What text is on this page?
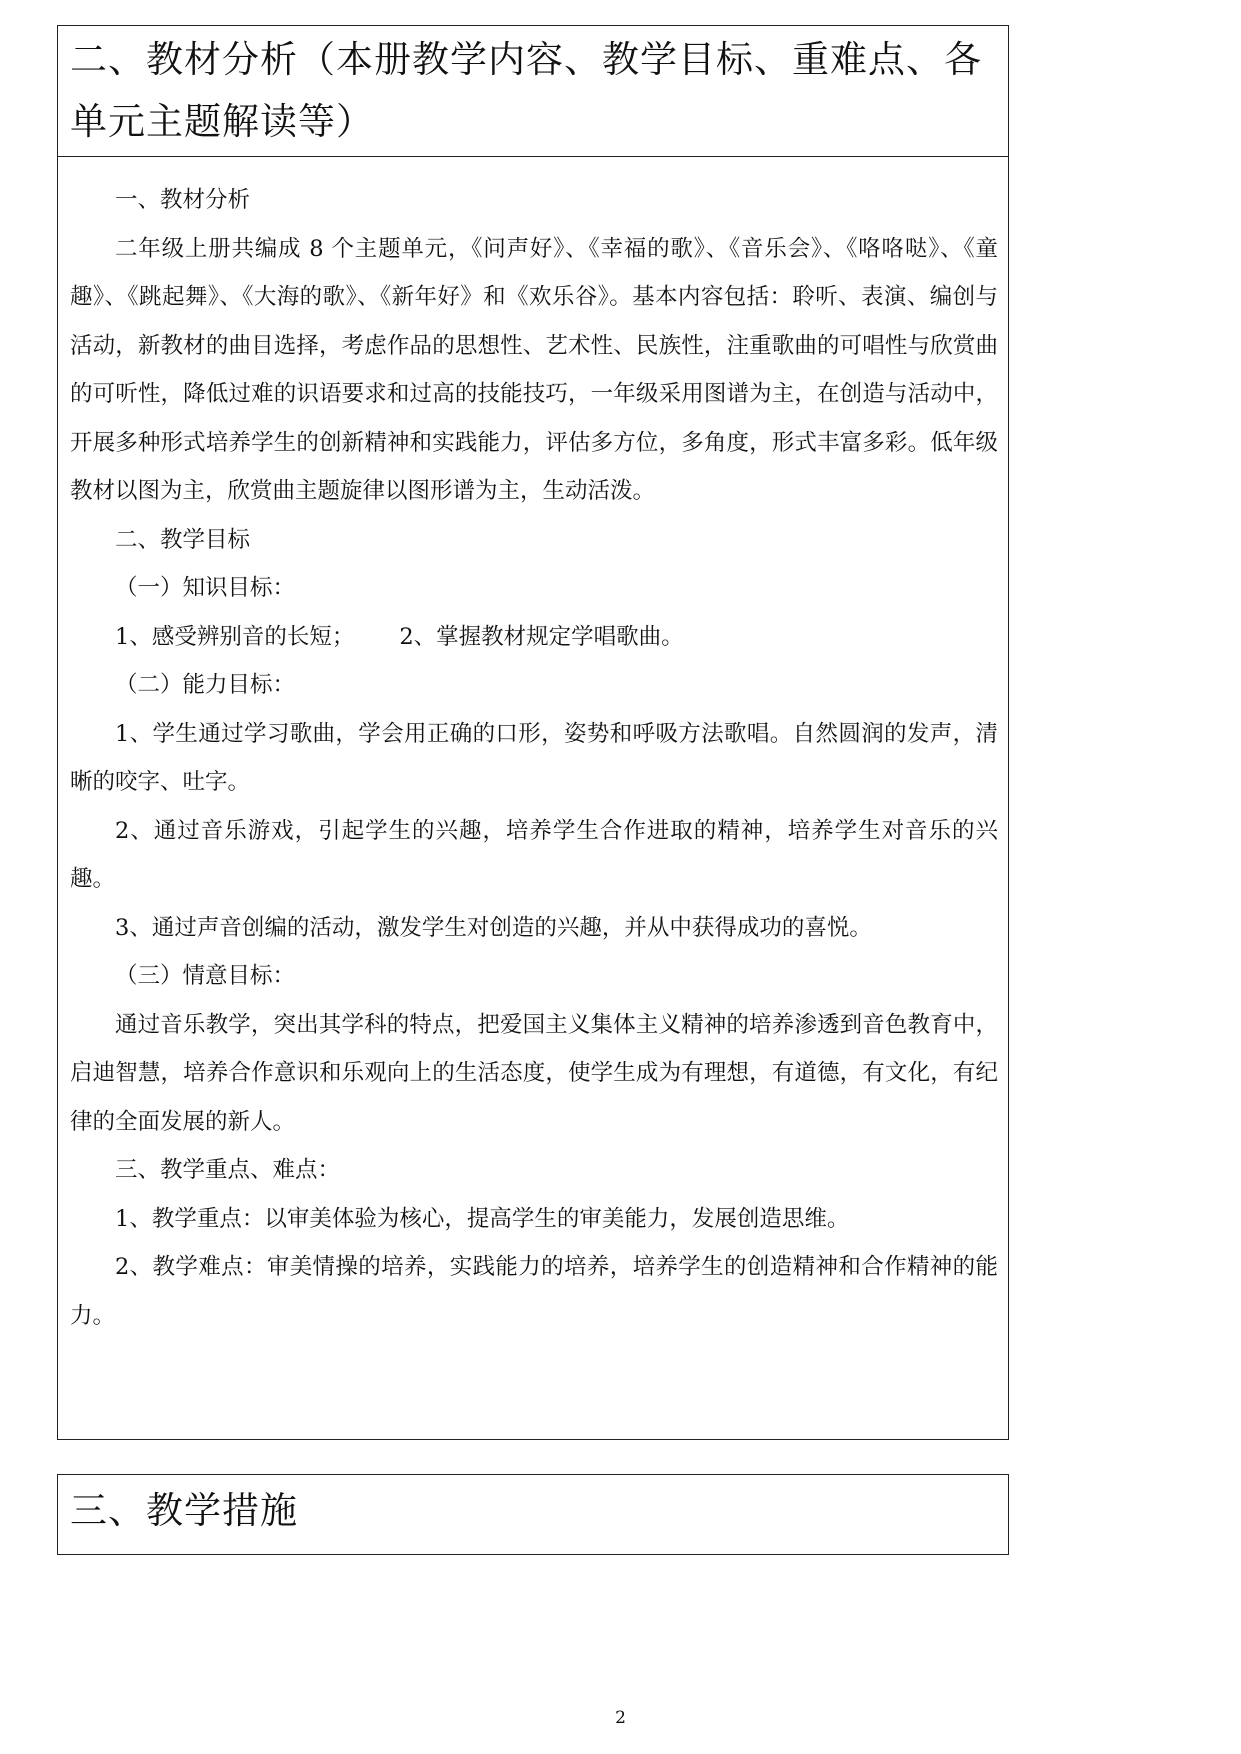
二、教材分析（本册教学内容、教学目标、重难点、各单元主题解读等）

一、教材分析

二年级上册共编成 8 个主题单元，《问声好》、《幸福的歌》、《音乐会》、《咯咯哒》、《童趣》、《跳起舞》、《大海的歌》、《新年好》和《欢乐谷》。基本内容包括：聆听、表演、编创与活动，新教材的曲目选择，考虑作品的思想性、艺术性、民族性，注重歌曲的可唱性与欣赏曲的可听性，降低过难的识语要求和过高的技能技巧，一年级采用图谱为主，在创造与活动中，开展多种形式培养学生的创新精神和实践能力，评估多方位，多角度，形式丰富多彩。低年级教材以图为主，欣赏曲主题旋律以图形谱为主，生动活泼。

二、教学目标

（一）知识目标：

1、感受辨别音的长短； 2、掌握教材规定学唱歌曲。

（二）能力目标：

1、学生通过学习歌曲，学会用正确的口形，姿势和呼吸方法歌唱。自然圆润的发声，清晰的咬字、吐字。

2、通过音乐游戏，引起学生的兴趣，培养学生合作进取的精神，培养学生对音乐的兴趣。

3、通过声音创编的活动，激发学生对创造的兴趣，并从中获得成功的喜悦。

（三）情意目标：

通过音乐教学，突出其学科的特点，把爱国主义集体主义精神的培养渗透到音色教育中，启迪智慧，培养合作意识和乐观向上的生活态度，使学生成为有理想，有道德，有文化，有纪律的全面发展的新人。

三、教学重点、难点：

1、教学重点：以审美体验为核心，提高学生的审美能力，发展创造思维。

2、教学难点：审美情操的培养，实践能力的培养，培养学生的创造精神和合作精神的能力。

三、教学措施
2
